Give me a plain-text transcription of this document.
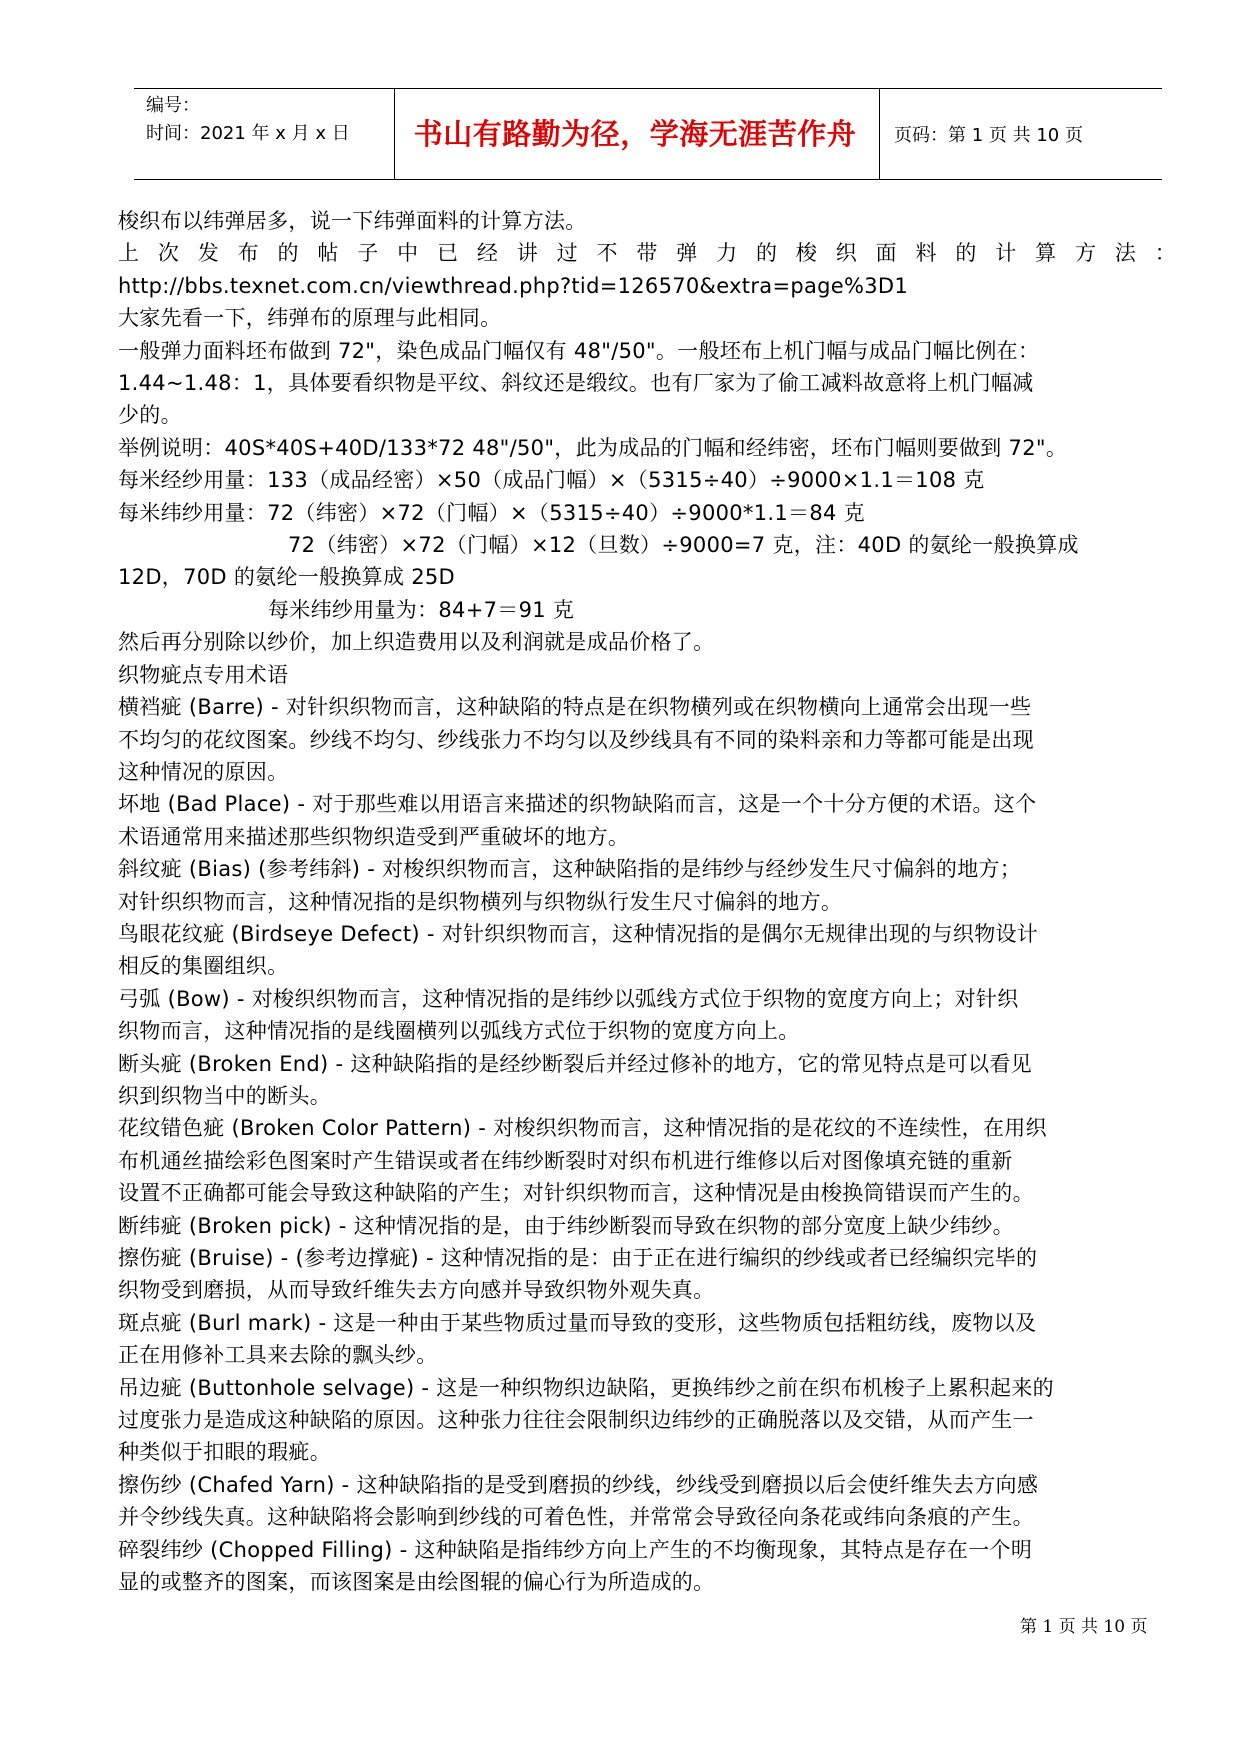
编号：
时间：2021 年 x 月 x 日	书山有路勤为径，学海无涯苦作舟	页码：第 1 页 共 10 页
梭织布以纬弹居多，说一下纬弹面料的计算方法。
上次发布的帖子中已经讲过不带弹力的梭织面料的计算方法：
http://bbs.texnet.com.cn/viewthread.php?tid=126570&extra=page%3D1
大家先看一下，纬弹布的原理与此相同。
一般弹力面料坯布做到 72"，染色成品门幅仅有 48"/50"。一般坯布上机门幅与成品门幅比例在：
1.44~1.48：1，具体要看织物是平纹、斜纹还是缎纹。也有厂家为了偷工减料故意将上机门幅减
少的。
举例说明：40S*40S+40D/133*72 48"/50"，此为成品的门幅和经纬密，坯布门幅则要做到 72"。
每米经纱用量：133（成品经密）×50（成品门幅）×（5315÷40）÷9000×1.1＝108 克
每米纬纱用量：72（纬密）×72（门幅）×（5315÷40）÷9000*1.1＝84 克
72（纬密）×72（门幅）×12（旦数）÷9000=7 克，注：40D 的氨纶一般换算成
12D，70D 的氨纶一般换算成 25D
每米纬纱用量为：84+7＝91 克
然后再分别除以纱价，加上织造费用以及利润就是成品价格了。
织物疵点专用术语
横裆疵 (Barre) - 对针织织物而言，这种缺陷的特点是在织物横列或在织物横向上通常会出现一些
不均匀的花纹图案。纱线不均匀、纱线张力不均匀以及纱线具有不同的染料亲和力等都可能是出现
这种情况的原因。
坏地 (Bad Place) - 对于那些难以用语言来描述的织物缺陷而言，这是一个十分方便的术语。这个
术语通常用来描述那些织物织造受到严重破坏的地方。
斜纹疵 (Bias) (参考纬斜) - 对梭织织物而言，这种缺陷指的是纬纱与经纱发生尺寸偏斜的地方；
对针织织物而言，这种情况指的是织物横列与织物纵行发生尺寸偏斜的地方。
鸟眼花纹疵 (Birdseye Defect) - 对针织织物而言，这种情况指的是偶尔无规律出现的与织物设计
相反的集圈组织。
弓弧 (Bow) - 对梭织织物而言，这种情况指的是纬纱以弧线方式位于织物的宽度方向上；对针织
织物而言，这种情况指的是线圈横列以弧线方式位于织物的宽度方向上。
断头疵 (Broken End) - 这种缺陷指的是经纱断裂后并经过修补的地方，它的常见特点是可以看见
织到织物当中的断头。
花纹错色疵 (Broken Color Pattern) - 对梭织织物而言，这种情况指的是花纹的不连续性，在用织
布机通丝描绘彩色图案时产生错误或者在纬纱断裂时对织布机进行维修以后对图像填充链的重新
设置不正确都可能会导致这种缺陷的产生；对针织织物而言，这种情况是由梭换筒错误而产生的。
断纬疵 (Broken pick) - 这种情况指的是，由于纬纱断裂而导致在织物的部分宽度上缺少纬纱。
擦伤疵 (Bruise) - (参考边撑疵) - 这种情况指的是：由于正在进行编织的纱线或者已经编织完毕的
织物受到磨损，从而导致纤维失去方向感并导致织物外观失真。
斑点疵 (Burl mark) - 这是一种由于某些物质过量而导致的变形，这些物质包括粗纺线，废物以及
正在用修补工具来去除的飘头纱。
吊边疵 (Buttonhole selvage) - 这是一种织物织边缺陷，更换纬纱之前在织布机梭子上累积起来的
过度张力是造成这种缺陷的原因。这种张力往往会限制织边纬纱的正确脱落以及交错，从而产生一
种类似于扣眼的瑕疵。
擦伤纱 (Chafed Yarn) - 这种缺陷指的是受到磨损的纱线，纱线受到磨损以后会使纤维失去方向感
并令纱线失真。这种缺陷将会影响到纱线的可着色性，并常常会导致径向条花或纬向条痕的产生。
碎裂纬纱 (Chopped Filling) - 这种缺陷是指纬纱方向上产生的不均衡现象，其特点是存在一个明
显的或整齐的图案，而该图案是由绘图辊的偏心行为所造成的。
第 1 页 共 10 页
